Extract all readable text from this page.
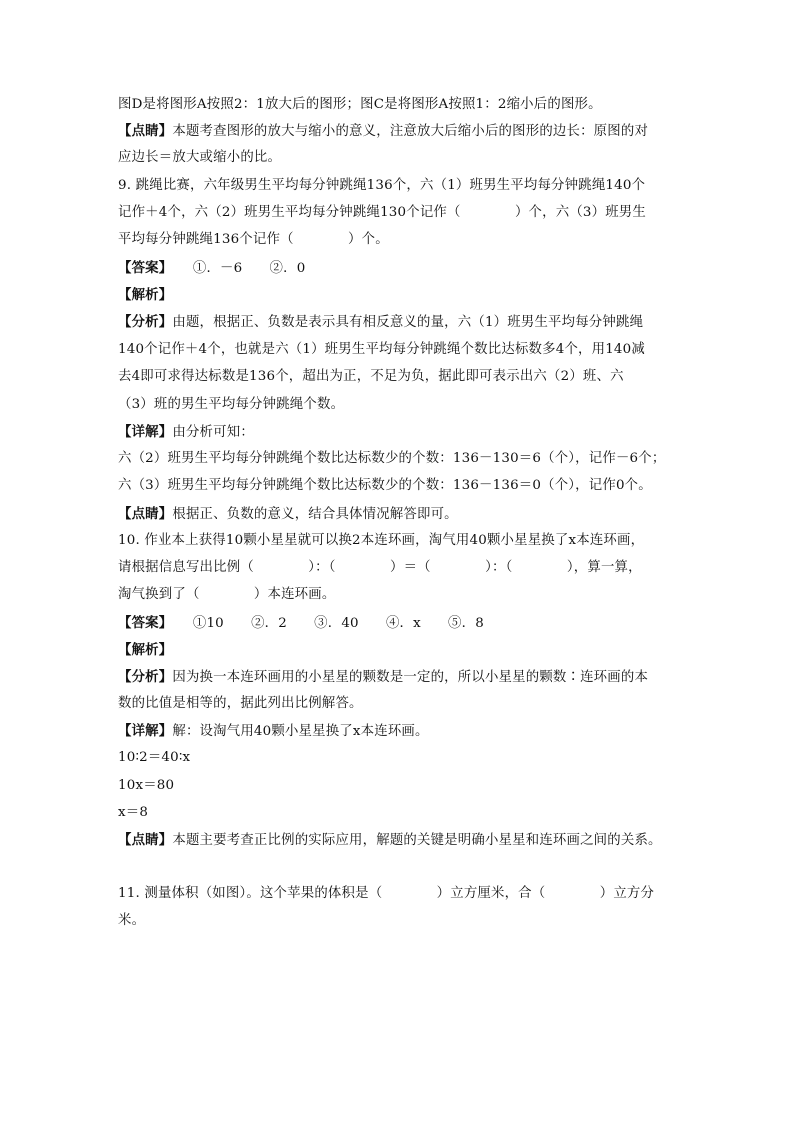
图D是将图形A按照2：1放大后的图形；图C是将图形A按照1：2缩小后的图形。
【点睛】本题考查图形的放大与缩小的意义，注意放大后缩小后的图形的边长：原图的对
应边长＝放大或缩小的比。
9. 跳绳比赛，六年级男生平均每分钟跳绳136个，六（1）班男生平均每分钟跳绳140个
记作＋4个，六（2）班男生平均每分钟跳绳130个记作（　　　　）个，六（3）班男生
平均每分钟跳绳136个记作（　　　　）个。
【答案】　　①．－6　　②．0
【解析】
【分析】由题，根据正、负数是表示具有相反意义的量，六（1）班男生平均每分钟跳绳
140个记作＋4个，也就是六（1）班男生平均每分钟跳绳个数比达标数多4个，用140减
去4即可求得达标数是136个，超出为正，不足为负，据此即可表示出六（2）班、六
（3）班的男生平均每分钟跳绳个数。
【详解】由分析可知：
六（2）班男生平均每分钟跳绳个数比达标数少的个数：136－130＝6（个），记作－6个；
六（3）班男生平均每分钟跳绳个数比达标数少的个数：136－136＝0（个），记作0个。
【点睛】根据正、负数的意义，结合具体情况解答即可。
10. 作业本上获得10颗小星星就可以换2本连环画，淘气用40颗小星星换了x本连环画，
请根据信息写出比例（　　　　）：（　　　　）＝（　　　　）：（　　　　），算一算，
淘气换到了（　　　　）本连环画。
【答案】　　①10　　②．2　　③．40　　④．x　　⑤．8
【解析】
【分析】因为换一本连环画用的小星星的颗数是一定的，所以小星星的颗数∶连环画的本
数的比值是相等的，据此列出比例解答。
【详解】解：设淘气用40颗小星星换了x本连环画。
10∶2＝40∶x
10x＝80
x＝8
【点睛】本题主要考查正比例的实际应用，解题的关键是明确小星星和连环画之间的关系。
11. 测量体积（如图）。这个苹果的体积是（　　　　）立方厘米，合（　　　　）立方分
米。
